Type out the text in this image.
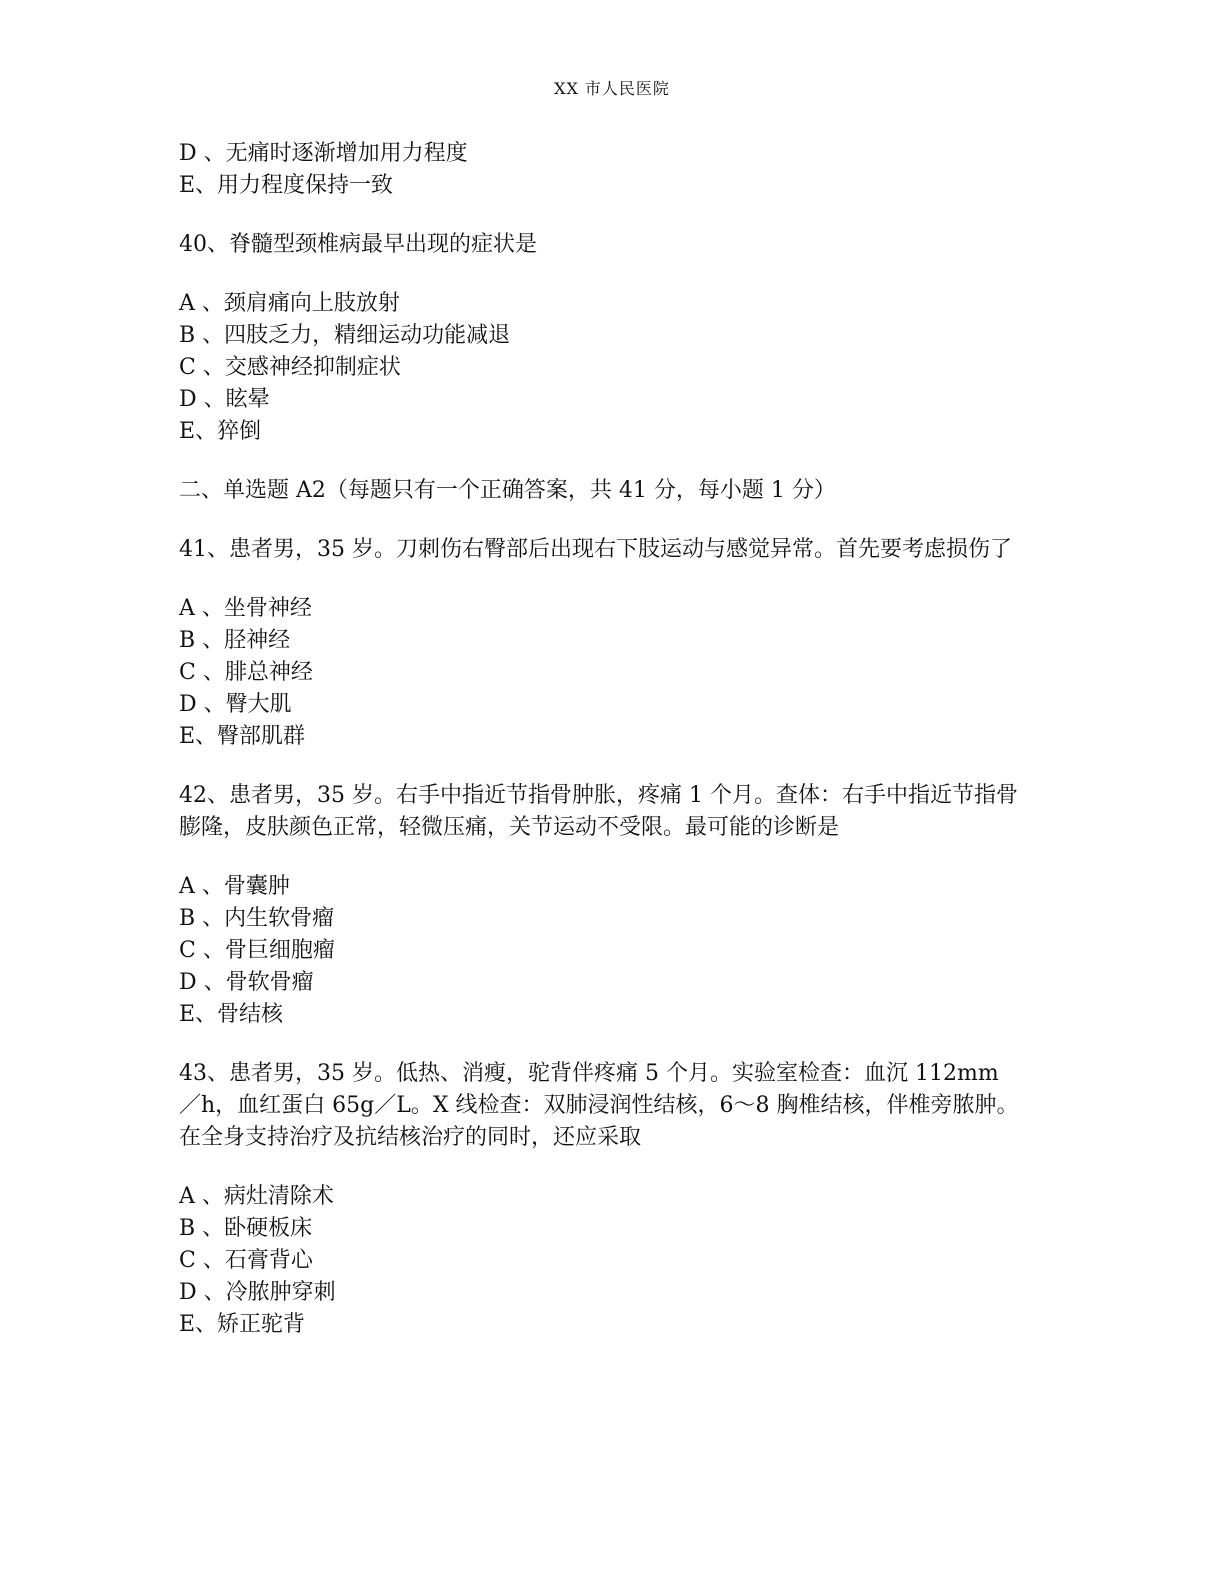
XX 市人民医院
D 、无痛时逐渐增加用力程度
E、用力程度保持一致
40、脊髓型颈椎病最早出现的症状是
A 、颈肩痛向上肢放射
B 、四肢乏力，精细运动功能减退
C 、交感神经抑制症状
D 、眩晕
E、猝倒
二、单选题 A2（每题只有一个正确答案，共 41 分，每小题 1 分）
41、患者男，35 岁。刀刺伤右臀部后出现右下肢运动与感觉异常。首先要考虑损伤了
A 、坐骨神经
B 、胫神经
C 、腓总神经
D 、臀大肌
E、臀部肌群
42、患者男，35 岁。右手中指近节指骨肿胀，疼痛 1 个月。查体：右手中指近节指骨膨隆，皮肤颜色正常，轻微压痛，关节运动不受限。最可能的诊断是
A 、骨囊肿
B 、内生软骨瘤
C 、骨巨细胞瘤
D 、骨软骨瘤
E、骨结核
43、患者男，35 岁。低热、消瘦，驼背伴疼痛 5 个月。实验室检查：血沉 112mm／h，血红蛋白 65g／L。X 线检查：双肺浸润性结核，6～8 胸椎结核，伴椎旁脓肿。在全身支持治疗及抗结核治疗的同时，还应采取
A 、病灶清除术
B 、卧硬板床
C 、石膏背心
D 、冷脓肿穿刺
E、矫正驼背
